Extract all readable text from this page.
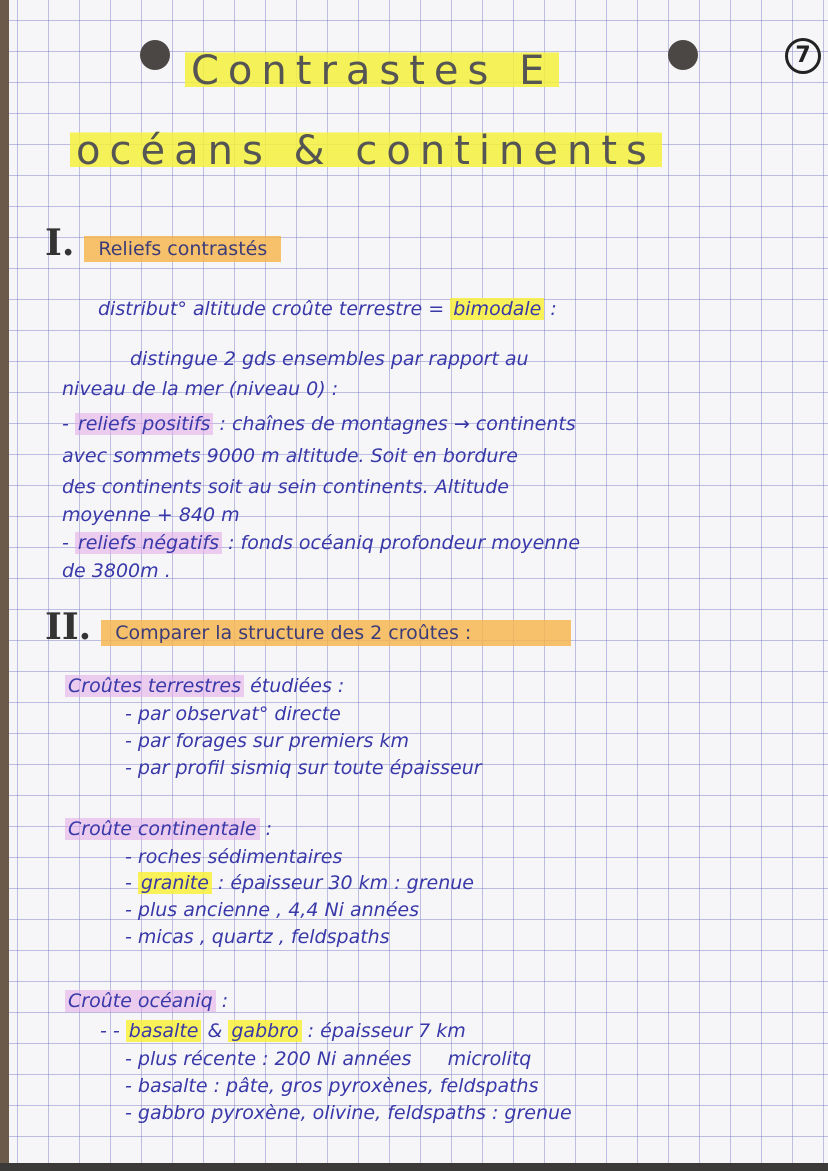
7
Contrastes E
océans & continents
I. Reliefs contrastés
distribut° altitude croûte terrestre = bimodale :
distingue 2 gds ensembles par rapport au
niveau de la mer (niveau 0) :
- reliefs positifs : chaînes de montagnes → continents
avec sommets 9000 m altitude. Soit en bordure
des continents soit au sein continents. Altitude
moyenne + 840 m
- reliefs négatifs : fonds océaniq profondeur moyenne
de 3800m .
II. Comparer la structure des 2 croûtes :
Croûtes terrestres étudiées :
- par observat° directe
- par forages sur premiers km
- par profil sismiq sur toute épaisseur
Croûte continentale :
- roches sédimentaires
- granite : épaisseur 30 km : grenue
- plus ancienne , 4,4 Ni années
- micas , quartz , feldspaths
Croûte océaniq :
- - basalte & gabbro : épaisseur 7 km
- plus récente : 200 Ni années      microlitq
- basalte : pâte, gros pyroxènes, feldspaths
- gabbro pyroxène, olivine, feldspaths : grenue
